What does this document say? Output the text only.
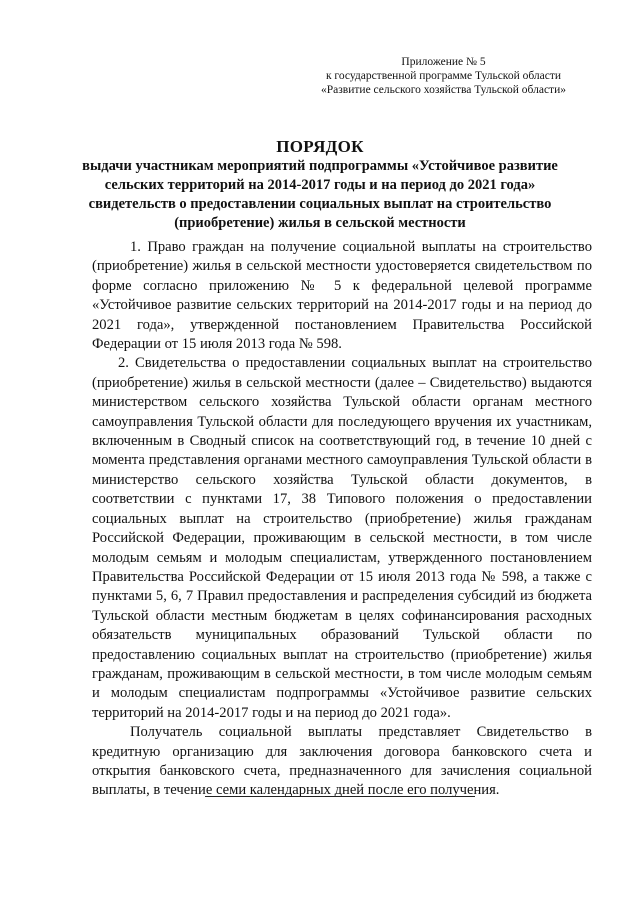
Приложение № 5
к государственной программе Тульской области
«Развитие сельского хозяйства Тульской области»
ПОРЯДОК
выдачи участникам мероприятий подпрограммы «Устойчивое развитие
сельских территорий на 2014-2017 годы и на период до 2021 года»
свидетельств о предоставлении социальных выплат на строительство
(приобретение) жилья в сельской местности

1. Право граждан на получение социальной выплаты на строительство (приобретение) жилья в сельской местности удостоверяется свидетельством по форме согласно приложению № 5 к федеральной целевой программе «Устойчивое развитие сельских территорий на 2014-2017 годы и на период до 2021 года», утвержденной постановлением Правительства Российской Федерации от 15 июля 2013 года № 598.

2. Свидетельства о предоставлении социальных выплат на строительство (приобретение) жилья в сельской местности (далее – Свидетельство) выдаются министерством сельского хозяйства Тульской области органам местного самоуправления Тульской области для последующего вручения их участникам, включенным в Сводный список на соответствующий год, в течение 10 дней с момента представления органами местного самоуправления Тульской области в министерство сельского хозяйства Тульской области документов, в соответствии с пунктами 17, 38 Типового положения о предоставлении социальных выплат на строительство (приобретение) жилья гражданам Российской Федерации, проживающим в сельской местности, в том числе молодым семьям и молодым специалистам, утвержденного постановлением Правительства Российской Федерации от 15 июля 2013 года № 598, а также с пунктами 5, 6, 7 Правил предоставления и распределения субсидий из бюджета Тульской области местным бюджетам в целях софинансирования расходных обязательств муниципальных образований Тульской области по предоставлению социальных выплат на строительство (приобретение) жилья гражданам, проживающим в сельской местности, в том числе молодым семьям и молодым специалистам подпрограммы «Устойчивое развитие сельских территорий на 2014-2017 годы и на период до 2021 года».

Получатель социальной выплаты представляет Свидетельство в кредитную организацию для заключения договора банковского счета и открытия банковского счета, предназначенного для зачисления социальной выплаты, в течение семи календарных дней после его получения.
